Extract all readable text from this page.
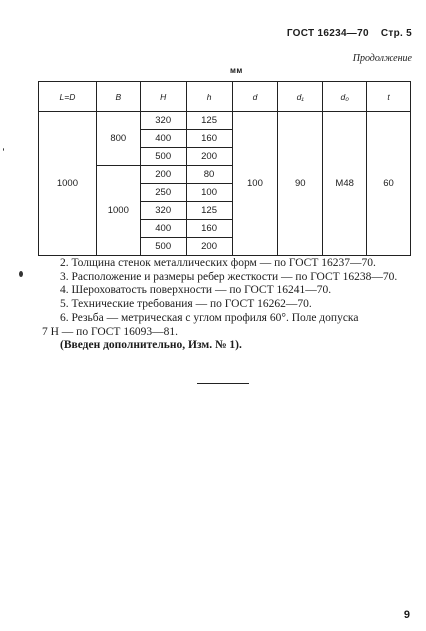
ГОСТ 16234—70 Стр. 5
Продолжение
мм
L=D	B	H	h	d	d₁	d₀	t
1000	800	320	125	100	90	M48	60
		400	160				
		500	200				
	1000	200	80				
		250	100				
		320	125				
		400	160				
		500	200				

2. Толщина стенок металлических форм — по ГОСТ 16237—70.

3. Расположение и размеры ребер жесткости — по ГОСТ 16238—70.

4. Шероховатость поверхности — по ГОСТ 16241—70.

5. Технические требования — по ГОСТ 16262—70.

6. Резьба — метрическая с углом профиля 60°. Поле допуска

7 H — по ГОСТ 16093—81.

(Введен дополнительно, Изм. № 1).

9
